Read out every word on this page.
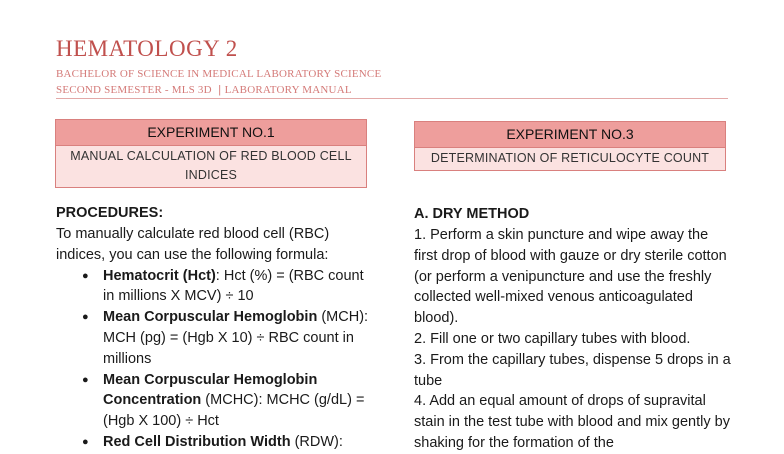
HEMATOLOGY 2
BACHELOR OF SCIENCE IN MEDICAL LABORATORY SCIENCE
SECOND SEMESTER - MLS 3D  | LABORATORY MANUAL
EXPERIMENT NO.1
MANUAL CALCULATION OF RED BLOOD CELL INDICES
EXPERIMENT NO.3
DETERMINATION OF RETICULOCYTE COUNT

PROCEDURES:

To manually calculate red blood cell (RBC) indices, you can use the following formula:

● Hematocrit (Hct): Hct (%) = (RBC count in millions X MCV) ÷ 10
● Mean Corpuscular Hemoglobin (MCH): MCH (pg) = (Hgb X 10) ÷ RBC count in millions
● Mean Corpuscular Hemoglobin Concentration (MCHC): MCHC (g/dL) = (Hgb X 100) ÷ Hct
● Red Cell Distribution Width (RDW):

A. DRY METHOD

1. Perform a skin puncture and wipe away the first drop of blood with gauze or dry sterile cotton (or perform a venipuncture and use the freshly collected well-mixed venous anticoagulated blood).

2. Fill one or two capillary tubes with blood.

3. From the capillary tubes, dispense 5 drops in a tube

4. Add an equal amount of drops of supravital stain in the test tube with blood and mix gently by shaking for the formation of the
